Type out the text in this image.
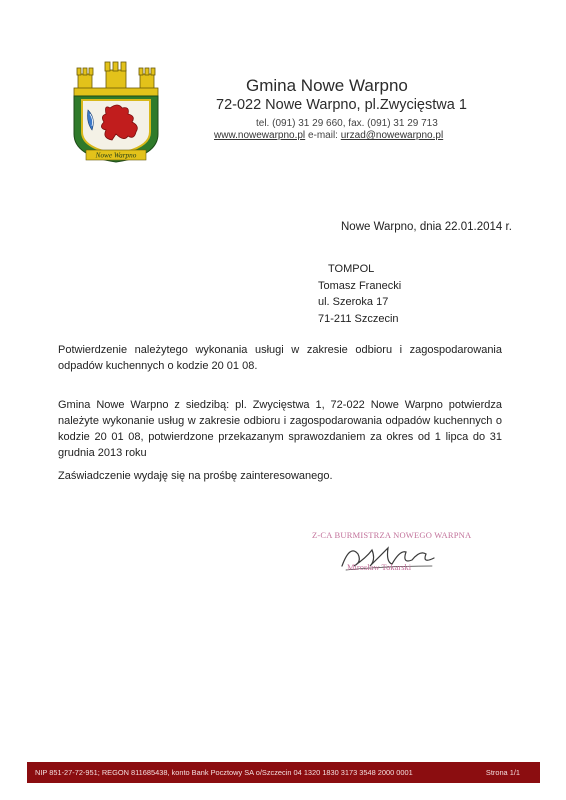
Nowe Warpno
Gmina Nowe Warpno
72-022 Nowe Warpno, pl.Zwycięstwa 1
tel. (091) 31 29 660, fax. (091) 31 29 713
www.nowewarpno.pl e-mail: urzad@nowewarpno.pl
Nowe Warpno, dnia 22.01.2014 r.
TOMPOL
Tomasz Franecki
ul. Szeroka 17
71-211 Szczecin
Potwierdzenie należytego wykonania usługi w zakresie odbioru i zagospodarowania odpadów kuchennych o kodzie 20 01 08.
Gmina Nowe Warpno z siedzibą: pl. Zwycięstwa 1, 72-022 Nowe Warpno potwierdza należyte wykonanie usług w zakresie odbioru i zagospodarowania odpadów kuchennych o kodzie 20 01 08, potwierdzone przekazanym sprawozdaniem za okres od 1 lipca do 31 grudnia 2013 roku
Zaświadczenie wydaję się na prośbę zainteresowanego.
Z-CA BURMISTRZA NOWEGO WARPNA
Mirosław Tokarski
NIP 851-27-72-951; REGON 811685438, konto Bank Pocztowy SA o/Szczecin 04 1320 1830 3173 3548 2000 0001	Strona 1/1
